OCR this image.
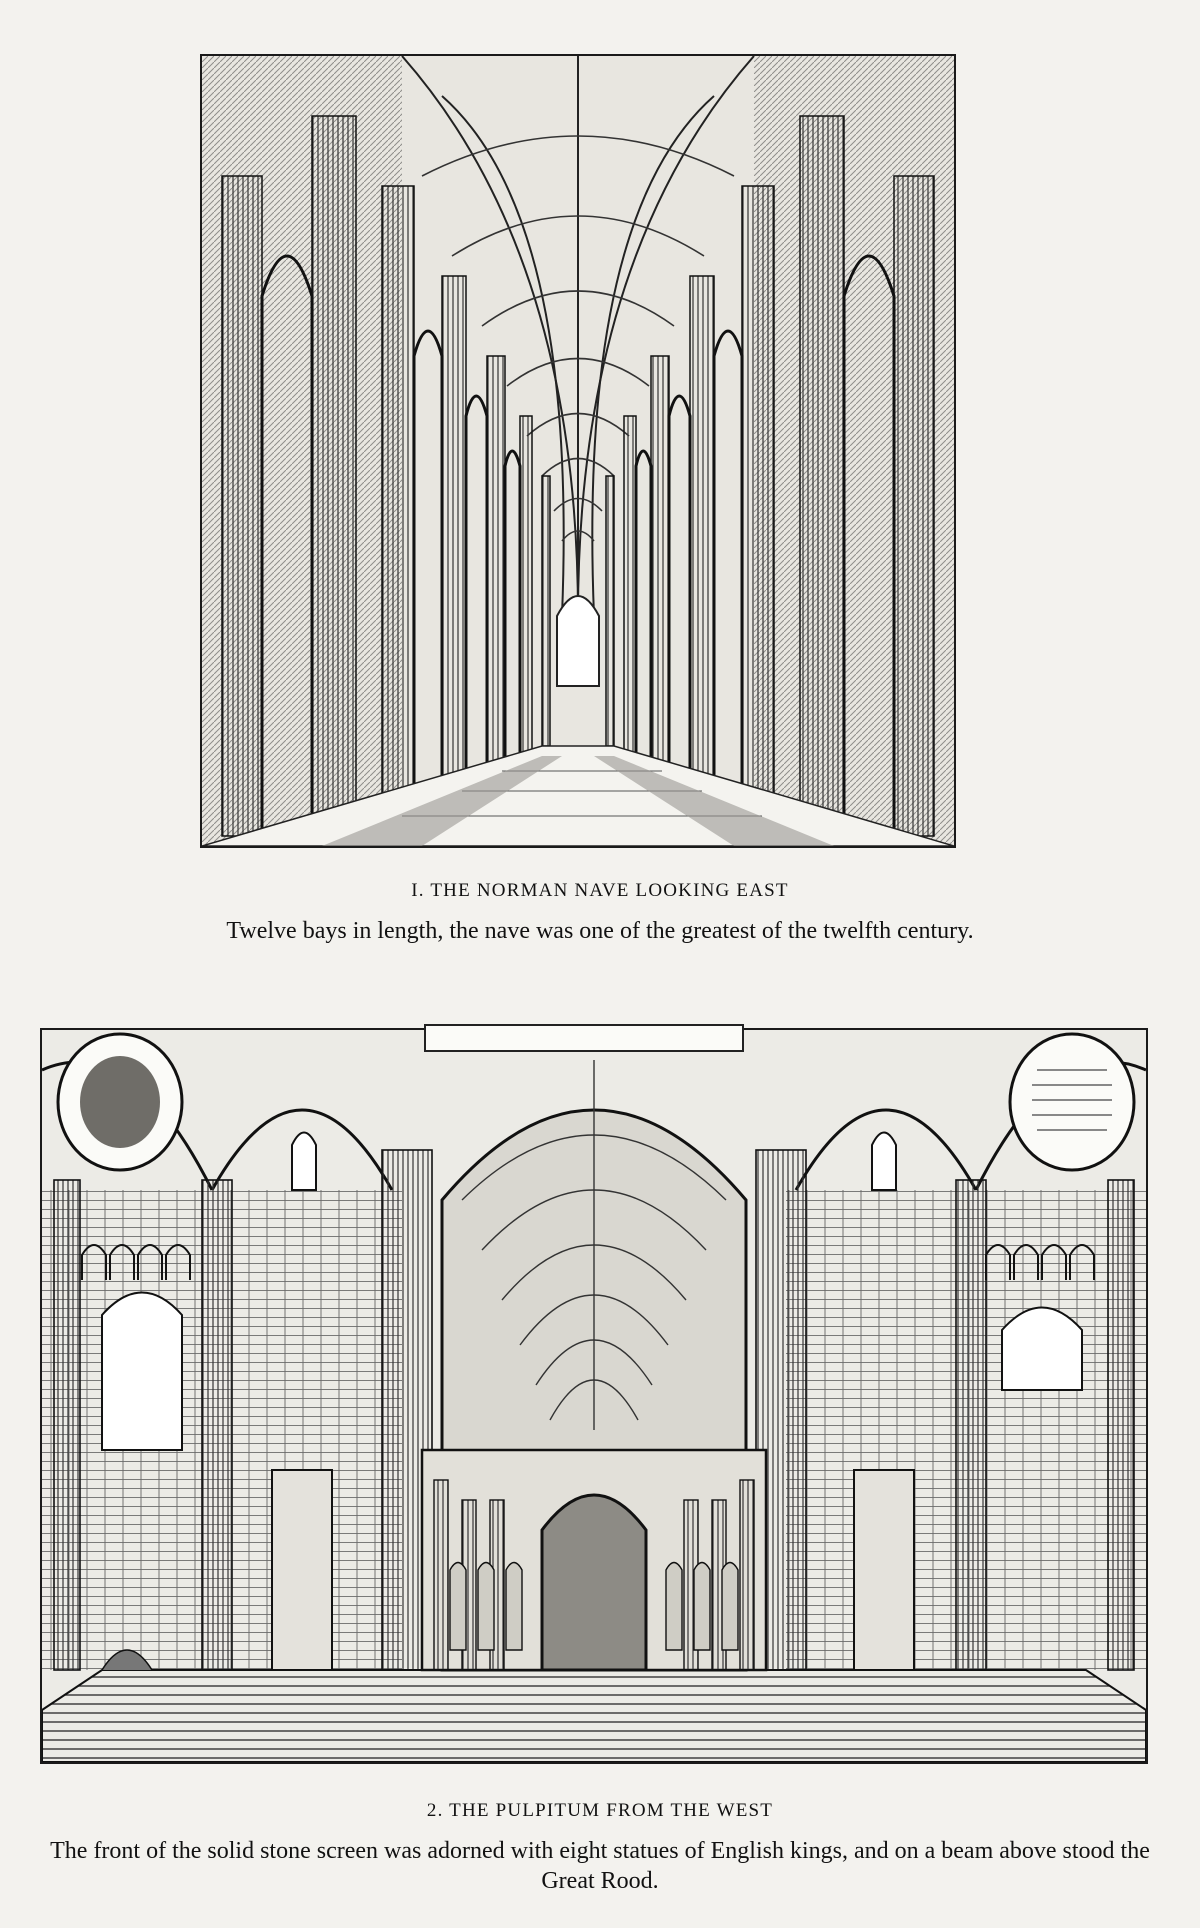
I. THE NORMAN NAVE LOOKING EAST
Twelve bays in length, the nave was one of the greatest of the twelfth century.
2. THE PULPITUM FROM THE WEST
The front of the solid stone screen was adorned with eight statues of English kings, and on a beam above stood the Great Rood.
